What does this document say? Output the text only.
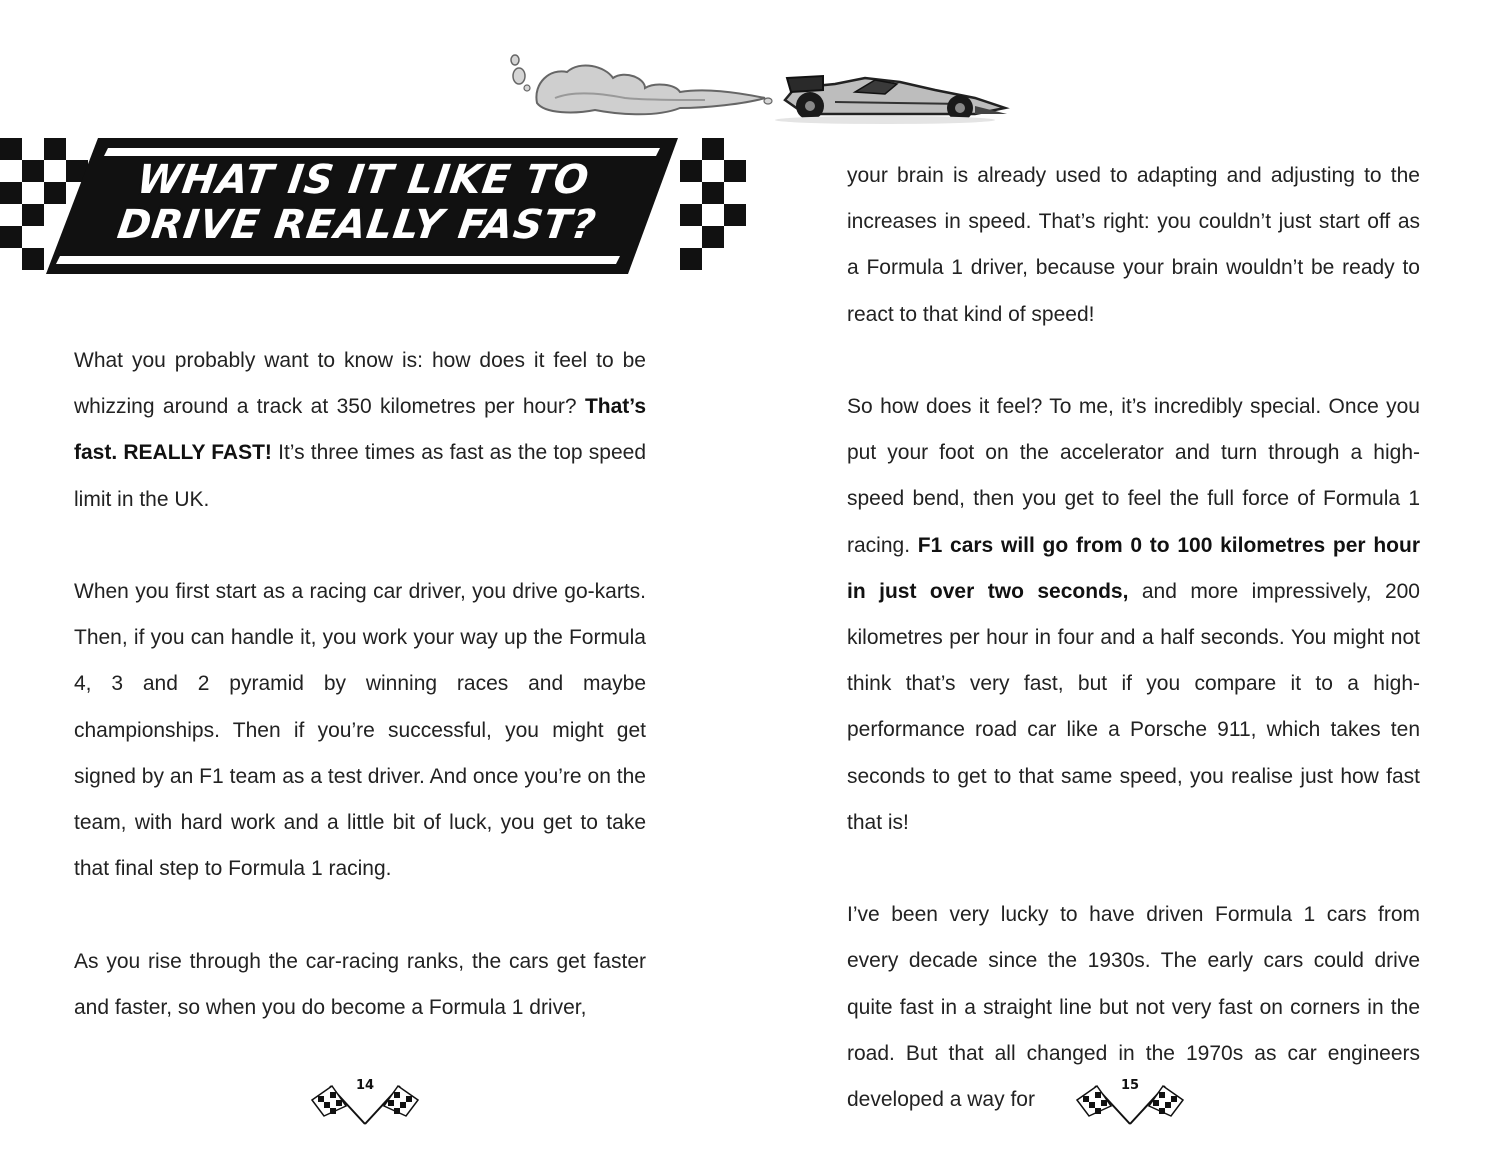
WHAT IS IT LIKE TO
DRIVE REALLY FAST?

What you probably want to know is: how does it feel to be whizzing around a track at 350 kilometres per hour? That’s fast. REALLY FAST! It’s three times as fast as the top speed limit in the UK.

When you first start as a racing car driver, you drive go-karts. Then, if you can handle it, you work your way up the Formula 4, 3 and 2 pyramid by winning races and maybe championships. Then if you’re successful, you might get signed by an F1 team as a test driver. And once you’re on the team, with hard work and a little bit of luck, you get to take that final step to Formula 1 racing.

As you rise through the car-racing ranks, the cars get faster and faster, so when you do become a Formula 1 driver,

your brain is already used to adapting and adjusting to the increases in speed. That’s right: you couldn’t just start off as a Formula 1 driver, because your brain wouldn’t be ready to react to that kind of speed!

So how does it feel? To me, it’s incredibly special. Once you put your foot on the accelerator and turn through a high-speed bend, then you get to feel the full force of Formula 1 racing. F1 cars will go from 0 to 100 kilometres per hour in just over two seconds, and more impressively, 200 kilometres per hour in four and a half seconds. You might not think that’s very fast, but if you compare it to a high-performance road car like a Porsche 911, which takes ten seconds to get to that same speed, you realise just how fast that is!

I’ve been very lucky to have driven Formula 1 cars from every decade since the 1930s. The early cars could drive quite fast in a straight line but not very fast on corners in the road. But that all changed in the 1970s as car engineers developed a way for

14	15
